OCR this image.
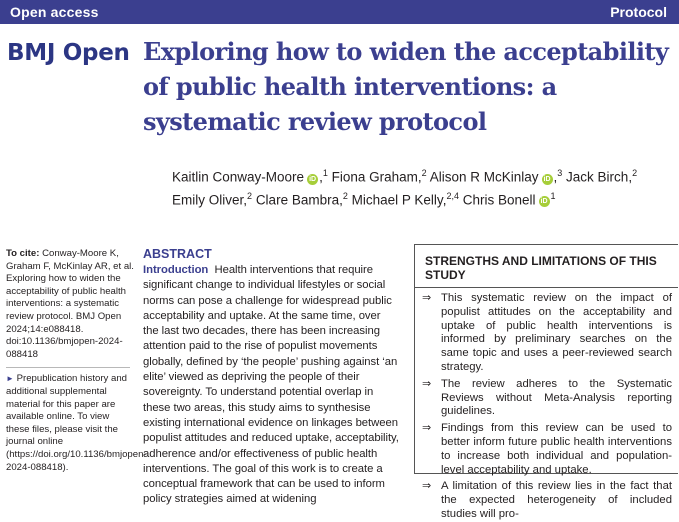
Open access	Protocol
BMJ Open Exploring how to widen the acceptability of public health interventions: a systematic review protocol
Kaitlin Conway-Moore iD ,$^1$ Fiona Graham,$^2$ Alison R McKinlay iD ,$^3$ Jack Birch,$^2$ Emily Oliver,$^2$ Clare Bambra,$^2$ Michael P Kelly,$^{2,4}$ Chris Bonell $iD^1$

To cite: Conway-Moore K, Graham F, McKinlay AR, et al. Exploring how to widen the acceptability of public health interventions: a systematic review protocol. BMJ Open 2024;14:e088418. doi:10.1136/bmjopen-2024-088418

► Prepublication history and additional supplemental material for this paper are available online. To view these files, please visit the journal online (https://doi.org/10.1136/bmjopen-2024-088418).

ABSTRACT

Introduction Health interventions that require significant change to individual lifestyles or social norms can pose a challenge for widespread public acceptability and uptake. At the same time, over the last two decades, there has been increasing attention paid to the rise of populist movements globally, defined by ‘the people’ pushing against ‘an elite’ viewed as depriving the people of their sovereignty. To understand potential overlap in these two areas, this study aims to synthesise existing international evidence on linkages between populist attitudes and reduced uptake, acceptability, adherence and/or effectiveness of public health interventions. The goal of this work is to create a conceptual framework that can be used to inform policy strategies aimed at widening

STRENGTHS AND LIMITATIONS OF THIS STUDY
⇒ This systematic review on the impact of populist attitudes on the acceptability and uptake of public health interventions is informed by preliminary searches on the same topic and uses a peer-reviewed search strategy.
⇒ The review adheres to the Systematic Reviews without Meta-Analysis reporting guidelines.
⇒ Findings from this review can be used to better inform future public health interventions to increase both individual and population-level acceptability and uptake.
⇒ A limitation of this review lies in the fact that the expected heterogeneity of included studies will pro-
